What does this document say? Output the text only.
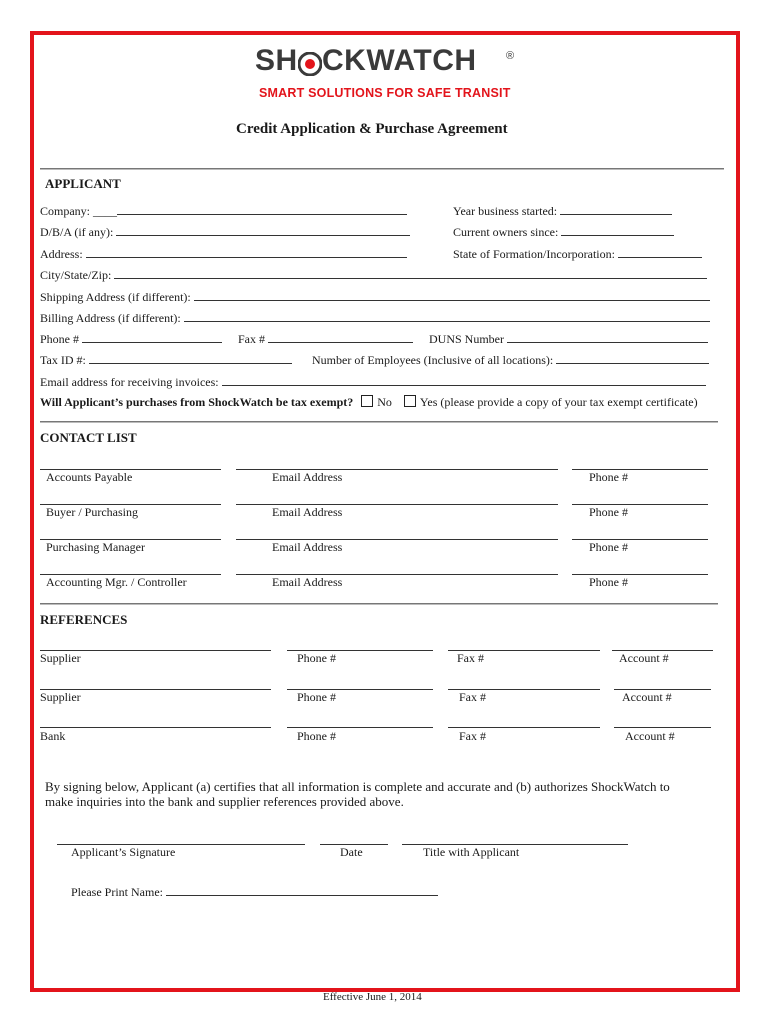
SH CKWATCH	®
SMART SOLUTIONS FOR SAFE TRANSIT
Credit Application & Purchase Agreement
APPLICANT
Company: ____	Year business started:
D/B/A (if any):	Current owners since:
Address:	State of Formation/Incorporation:
City/State/Zip:
Shipping Address (if different):
Billing Address (if different):
Phone #	Fax #	DUNS Number
Tax ID #:	Number of Employees (Inclusive of all locations):
Email address for receiving invoices:
Will Applicant’s purchases from ShockWatch be tax exempt? No Yes (please provide a copy of your tax exempt certificate)
CONTACT LIST
Accounts Payable	Email Address	Phone #
Buyer / Purchasing	Email Address	Phone #
Purchasing Manager	Email Address	Phone #
Accounting Mgr. / Controller	Email Address	Phone #
REFERENCES
Supplier	Phone #	Fax #	Account #
Supplier	Phone #	Fax #	Account #
Bank	Phone #	Fax #	Account #
By signing below, Applicant (a) certifies that all information is complete and accurate and (b) authorizes ShockWatch to
make inquiries into the bank and supplier references provided above.
Applicant’s Signature	Date	Title with Applicant
Please Print Name:
Effective June 1, 2014
